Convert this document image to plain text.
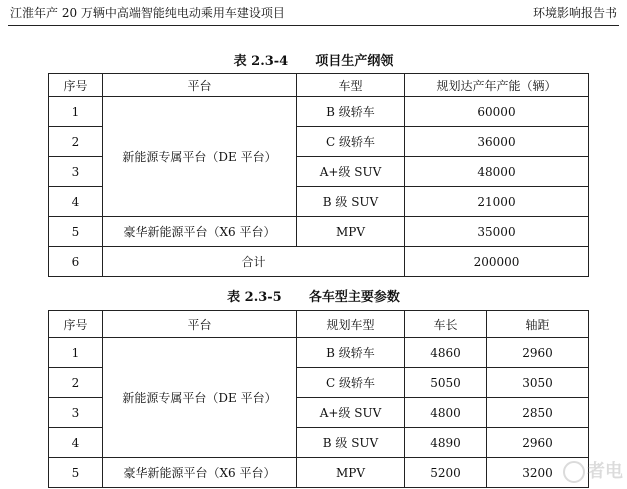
江淮年产 20 万辆中高端智能纯电动乘用车建设项目	环境影响报告书
表 2.3-4      项目生产纲领
序号	平台	车型	规划达产年产能（辆）
1	新能源专属平台（DE 平台）	B 级轿车	60000
2		C 级轿车	36000
3		A+级 SUV	48000
4		B 级 SUV	21000
5	豪华新能源平台（X6 平台）	MPV	35000
6	合计		200000
表 2.3-5      各车型主要参数
序号	平台	规划车型	车长	轴距
1	新能源专属平台（DE 平台）	B 级轿车	4860	2960
2		C 级轿车	5050	3050
3		A+级 SUV	4800	2850
4		B 级 SUV	4890	2960
5	豪华新能源平台（X6 平台）	MPV	5200	3200 者电
